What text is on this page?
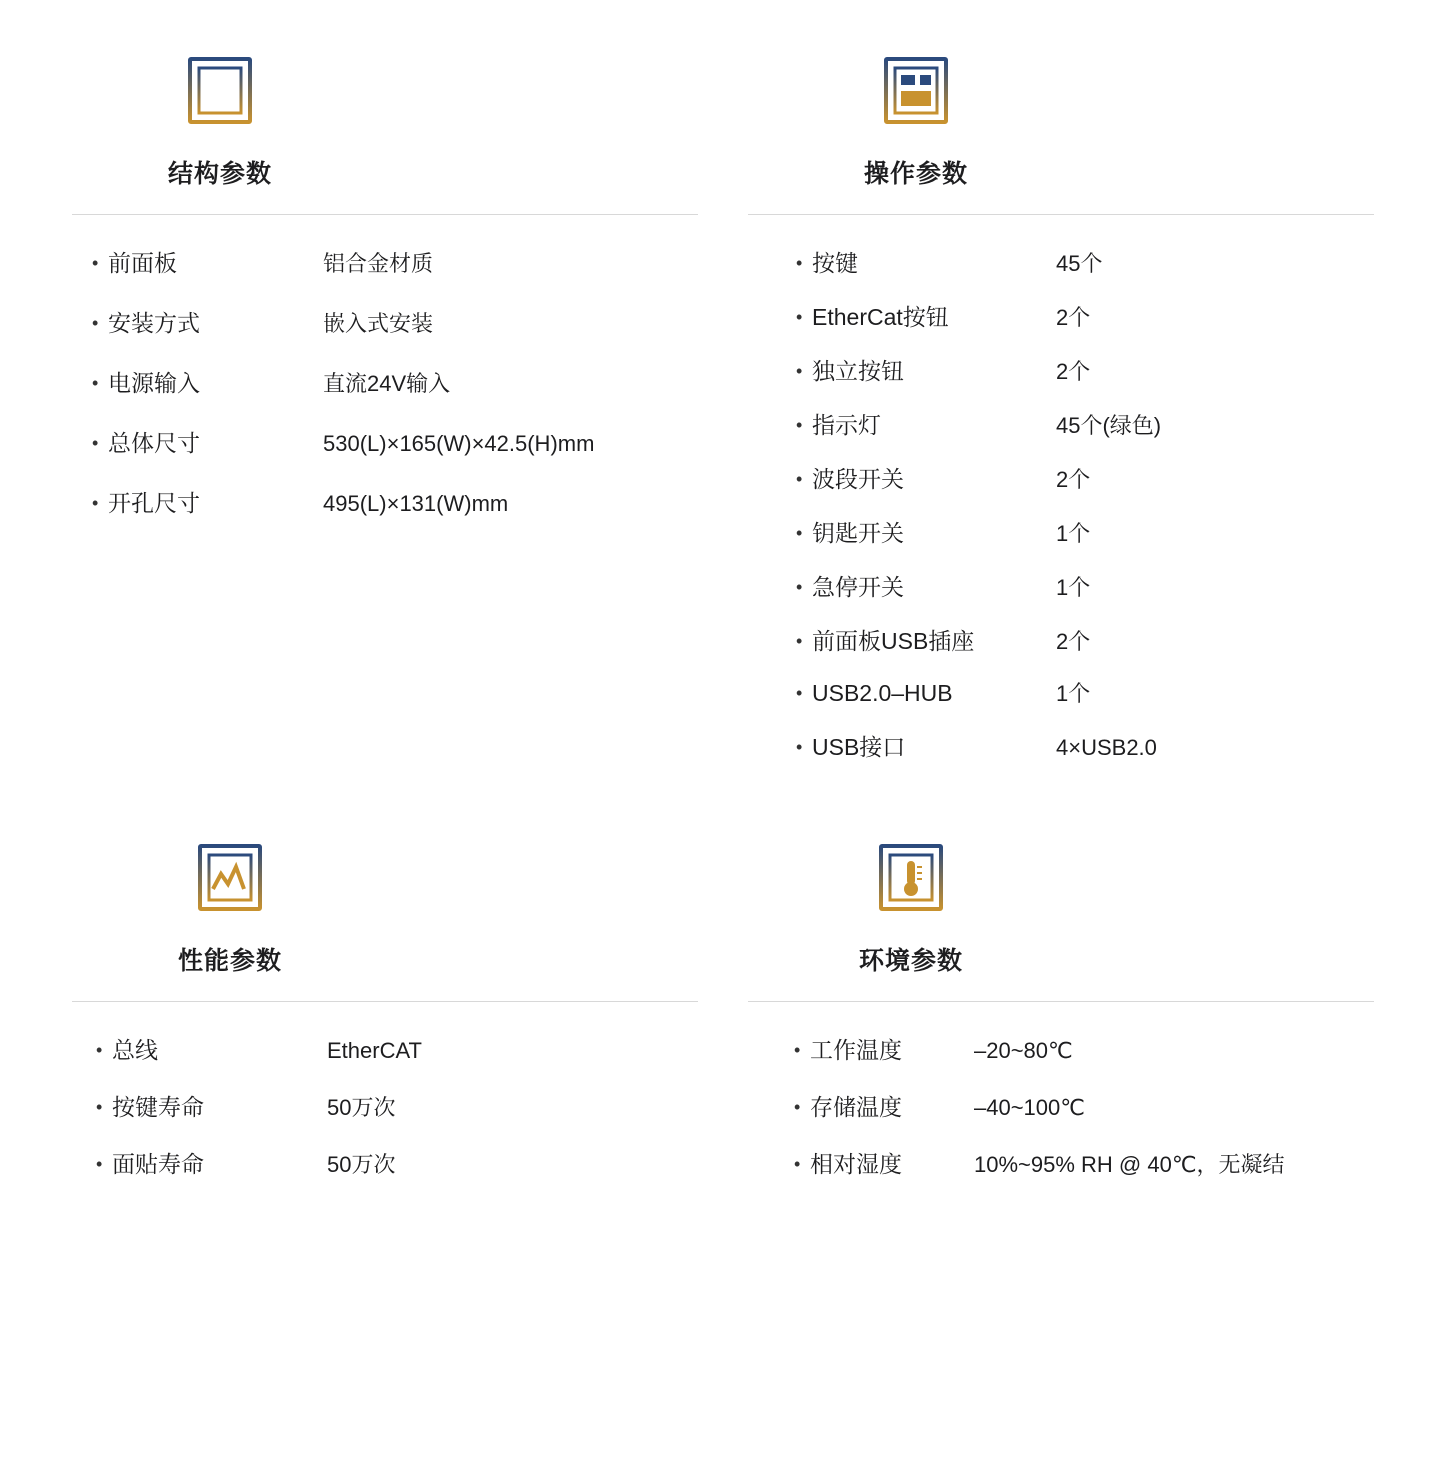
结构参数
• 前面板	铝合金材质
• 安装方式	嵌入式安装
• 电源输入	直流24V输入
• 总体尺寸	530(L)×165(W)×42.5(H)mm
• 开孔尺寸	495(L)×131(W)mm
操作参数
• 按键	45个
• EtherCat按钮	2个
• 独立按钮	2个
• 指示灯	45个(绿色)
• 波段开关	2个
• 钥匙开关	1个
• 急停开关	1个
• 前面板USB插座	2个
• USB2.0–HUB	1个
• USB接口	4×USB2.0
性能参数
• 总线	EtherCAT
• 按键寿命	50万次
• 面贴寿命	50万次
环境参数
• 工作温度	–20~80℃
• 存储温度	–40~100℃
• 相对湿度	10%~95% RH @ 40℃，无凝结
